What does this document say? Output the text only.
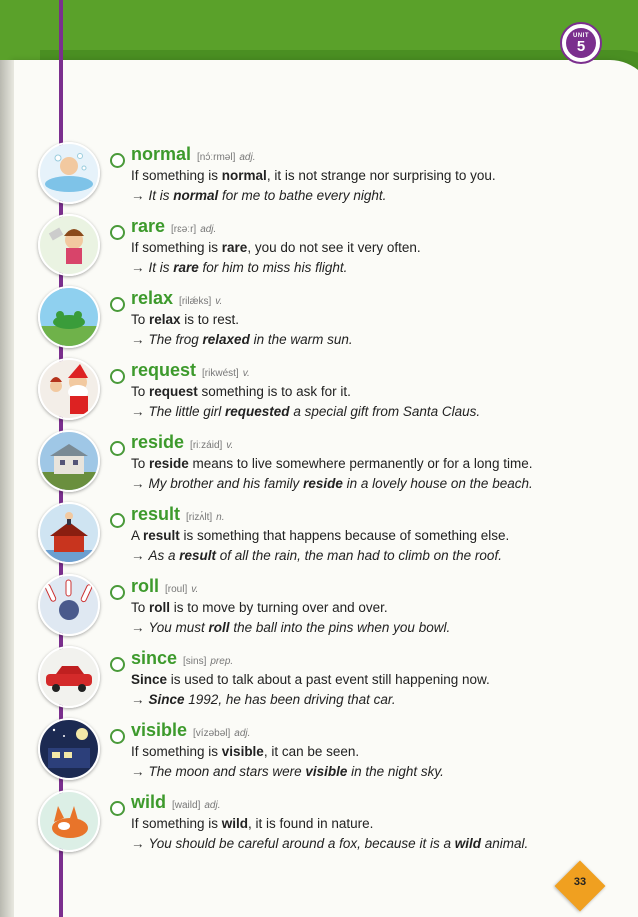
UNIT
5
normal [nɔ́ːrməl] adj.
If something is normal, it is not strange nor surprising to you.
→ It is normal for me to bathe every night.
rare [rɛəːr] adj.
If something is rare, you do not see it very often.
→ It is rare for him to miss his flight.
relax [rilǽks] v.
To relax is to rest.
→ The frog relaxed in the warm sun.
request [rikwést] v.
To request something is to ask for it.
→ The little girl requested a special gift from Santa Claus.
reside [riːzáid] v.
To reside means to live somewhere permanently or for a long time.
→ My brother and his family reside in a lovely house on the beach.
result [rizʌ́lt] n.
A result is something that happens because of something else.
→ As a result of all the rain, the man had to climb on the roof.
roll [roul] v.
To roll is to move by turning over and over.
→ You must roll the ball into the pins when you bowl.
since [sins] prep.
Since is used to talk about a past event still happening now.
→ Since 1992, he has been driving that car.
visible [vízəbəl] adj.
If something is visible, it can be seen.
→ The moon and stars were visible in the night sky.
wild [waild] adj.
If something is wild, it is found in nature.
→ You should be careful around a fox, because it is a wild animal.
33
